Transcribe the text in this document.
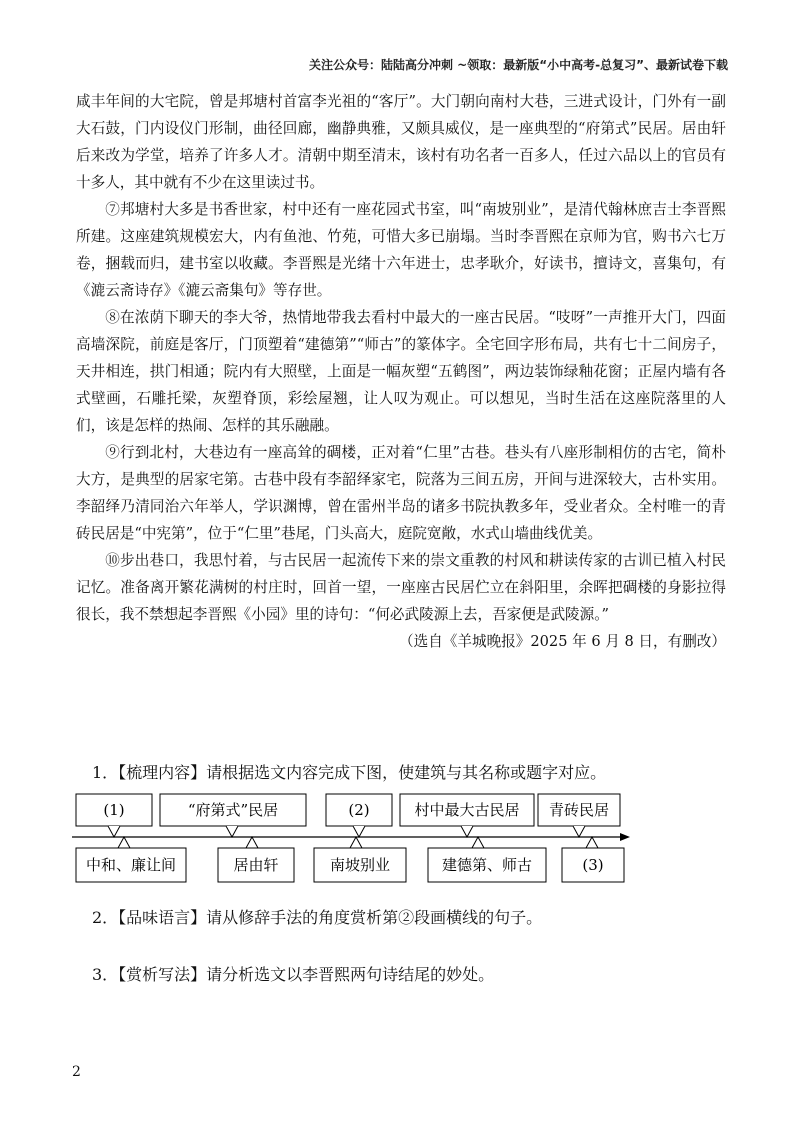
关注公众号：陆陆高分冲刺 ~领取：最新版“小中高考-总复习”、最新试卷下载

咸丰年间的大宅院，曾是邦塘村首富李光祖的“客厅”。大门朝向南村大巷，三进式设计，门外有一副大石鼓，门内设仪门形制，曲径回廊，幽静典雅，又颇具威仪，是一座典型的“府第式”民居。居由轩后来改为学堂，培养了许多人才。清朝中期至清末，该村有功名者一百多人，任过六品以上的官员有十多人，其中就有不少在这里读过书。

⑦邦塘村大多是书香世家，村中还有一座花园式书室，叫“南坡别业”，是清代翰林庶吉士李晋熙所建。这座建筑规模宏大，内有鱼池、竹苑，可惜大多已崩塌。当时李晋熙在京师为官，购书六七万卷，捆载而归，建书室以收藏。李晋熙是光绪十六年进士，忠孝耿介，好读书，擅诗文，喜集句，有《漉云斋诗存》《漉云斋集句》等存世。

⑧在浓荫下聊天的李大爷，热情地带我去看村中最大的一座古民居。“吱呀”一声推开大门，四面高墙深院，前庭是客厅，门顶塑着“建德第”“师古”的篆体字。全宅回字形布局，共有七十二间房子，天井相连，拱门相通；院内有大照壁，上面是一幅灰塑“五鹤图”，两边装饰绿釉花窗；正屋内墙有各式壁画，石雕托梁，灰塑脊顶，彩绘屋翘，让人叹为观止。可以想见，当时生活在这座院落里的人们，该是怎样的热闹、怎样的其乐融融。

⑨行到北村，大巷边有一座高耸的碉楼，正对着“仁里”古巷。巷头有八座形制相仿的古宅，简朴大方，是典型的居家宅第。古巷中段有李韶绎家宅，院落为三间五房，开间与进深较大，古朴实用。李韶绎乃清同治六年举人，学识渊博，曾在雷州半岛的诸多书院执教多年，受业者众。全村唯一的青砖民居是“中宪第”，位于“仁里”巷尾，门头高大，庭院宽敞，水式山墙曲线优美。

⑩步出巷口，我思忖着，与古民居一起流传下来的崇文重教的村风和耕读传家的古训已植入村民记忆。准备离开繁花满树的村庄时，回首一望，一座座古民居伫立在斜阳里，余晖把碉楼的身影拉得很长，我不禁想起李晋熙《小园》里的诗句：“何必武陵源上去，吾家便是武陵源。”

（选自《羊城晚报》2025 年 6 月 8 日，有删改）

1．【梳理内容】请根据选文内容完成下图，使建筑与其名称或题字对应。
(1)	“府第式”民居	(2)	村中最大古民居 青砖民居
中和、廉让间	居由轩	南坡别业	建德第、师古	(3)
2．【品味语言】请从修辞手法的角度赏析第②段画横线的句子。
3．【赏析写法】请分析选文以李晋熙两句诗结尾的妙处。
2
